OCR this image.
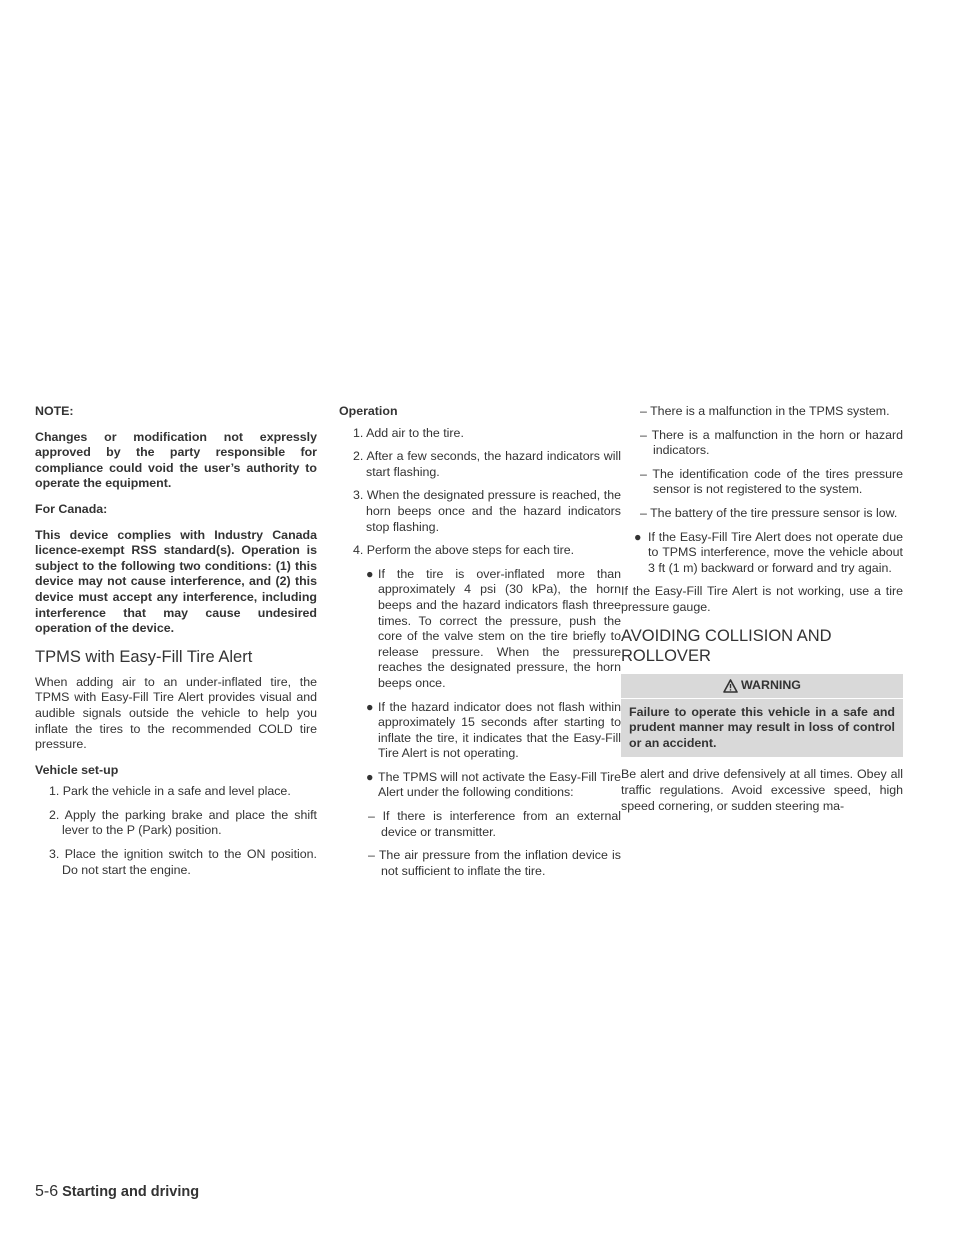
NOTE:

Changes or modification not expressly approved by the party responsible for compliance could void the user’s authority to operate the equipment.

For Canada:

This device complies with Industry Canada licence-exempt RSS standard(s). Operation is subject to the following two conditions: (1) this device may not cause interference, and (2) this device must accept any interference, including interference that may cause undesired operation of the device.

TPMS with Easy-Fill Tire Alert

When adding air to an under-inflated tire, the TPMS with Easy-Fill Tire Alert provides visual and audible signals outside the vehicle to help you inflate the tires to the recommended COLD tire pressure.

Vehicle set-up

1. Park the vehicle in a safe and level place.

2. Apply the parking brake and place the shift lever to the P (Park) position.

3. Place the ignition switch to the ON position. Do not start the engine.

Operation

1. Add air to the tire.

2. After a few seconds, the hazard indicators will start flashing.

3. When the designated pressure is reached, the horn beeps once and the hazard indicators stop flashing.

4. Perform the above steps for each tire.

● If the tire is over-inflated more than approximately 4 psi (30 kPa), the horn beeps and the hazard indicators flash three times. To correct the pressure, push the core of the valve stem on the tire briefly to release pressure. When the pressure reaches the designated pressure, the horn beeps once.
● If the hazard indicator does not flash within approximately 15 seconds after starting to inflate the tire, it indicates that the Easy-Fill Tire Alert is not operating.
● The TPMS will not activate the Easy-Fill Tire Alert under the following conditions:

– If there is interference from an external device or transmitter.

– The air pressure from the inflation device is not sufficient to inflate the tire.

– There is a malfunction in the TPMS system.

– There is a malfunction in the horn or hazard indicators.

– The identification code of the tires pressure sensor is not registered to the system.

– The battery of the tire pressure sensor is low.

● If the Easy-Fill Tire Alert does not operate due to TPMS interference, move the vehicle about 3 ft (1 m) backward or forward and try again.

If the Easy-Fill Tire Alert is not working, use a tire pressure gauge.

AVOIDING COLLISION AND ROLLOVER
WARNING
Failure to operate this vehicle in a safe and prudent manner may result in loss of control or an accident.

Be alert and drive defensively at all times. Obey all traffic regulations. Avoid excessive speed, high speed cornering, or sudden steering ma-

5-6 Starting and driving
